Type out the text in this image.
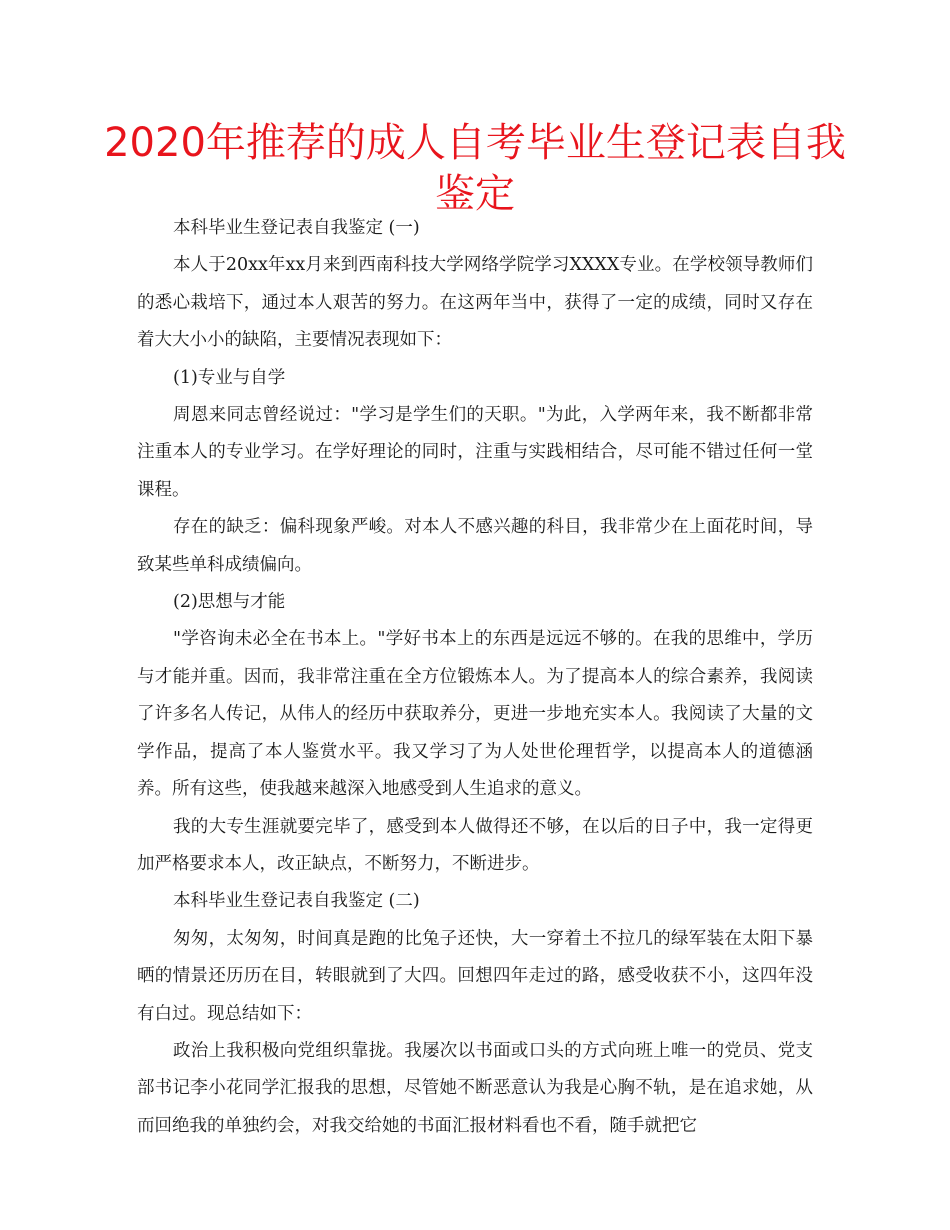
2020年推荐的成人自考毕业生登记表自我鉴定

本科毕业生登记表自我鉴定 (一)

本人于20xx年xx月来到西南科技大学网络学院学习XXXX专业。在学校领导教师们的悉心栽培下，通过本人艰苦的努力。在这两年当中，获得了一定的成绩，同时又存在着大大小小的缺陷，主要情况表现如下：

(1)专业与自学

周恩来同志曾经说过："学习是学生们的天职。"为此，入学两年来，我不断都非常注重本人的专业学习。在学好理论的同时，注重与实践相结合，尽可能不错过任何一堂课程。

存在的缺乏：偏科现象严峻。对本人不感兴趣的科目，我非常少在上面花时间，导致某些单科成绩偏向。

(2)思想与才能

"学咨询未必全在书本上。"学好书本上的东西是远远不够的。在我的思维中，学历与才能并重。因而，我非常注重在全方位锻炼本人。为了提高本人的综合素养，我阅读了许多名人传记，从伟人的经历中获取养分，更进一步地充实本人。我阅读了大量的文学作品，提高了本人鉴赏水平。我又学习了为人处世伦理哲学，以提高本人的道德涵养。所有这些，使我越来越深入地感受到人生追求的意义。

我的大专生涯就要完毕了，感受到本人做得还不够，在以后的日子中，我一定得更加严格要求本人，改正缺点，不断努力，不断进步。

本科毕业生登记表自我鉴定 (二)

匆匆，太匆匆，时间真是跑的比兔子还快，大一穿着土不拉几的绿军装在太阳下暴晒的情景还历历在目，转眼就到了大四。回想四年走过的路，感受收获不小，这四年没有白过。现总结如下：

政治上我积极向党组织靠拢。我屡次以书面或口头的方式向班上唯一的党员、党支部书记李小花同学汇报我的思想，尽管她不断恶意认为我是心胸不轨，是在追求她，从而回绝我的单独约会，对我交给她的书面汇报材料看也不看，随手就把它
